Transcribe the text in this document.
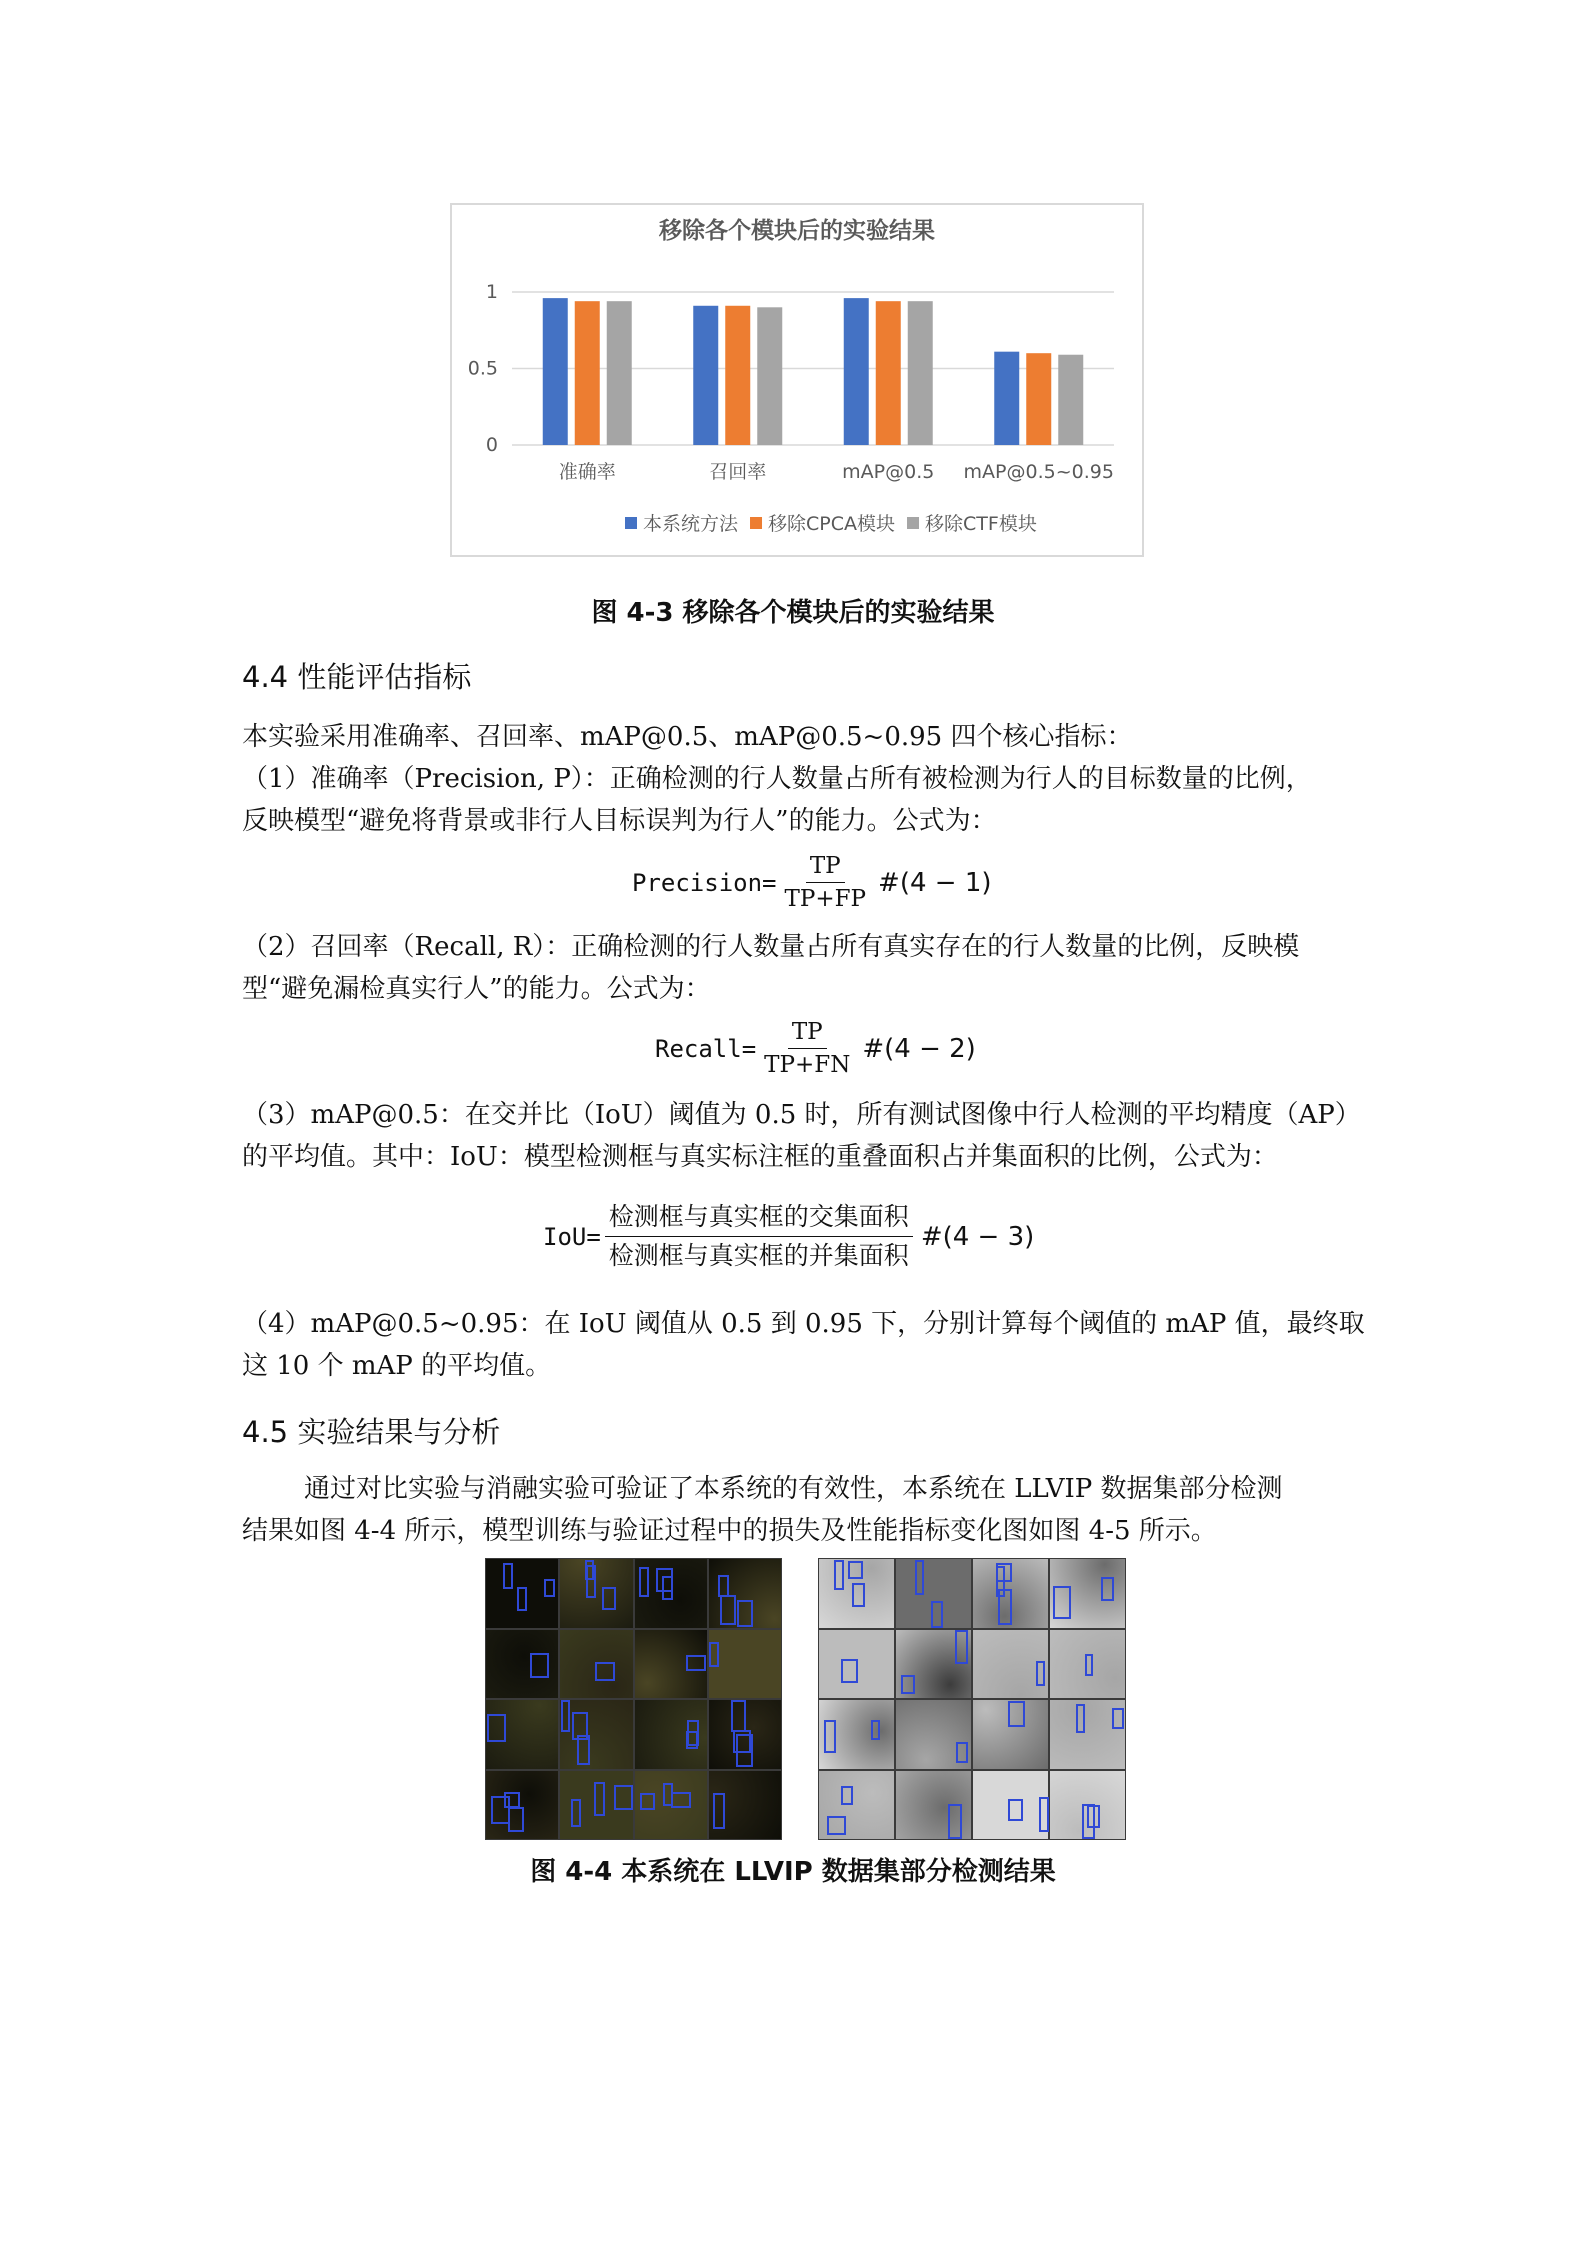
移除各个模块后的实验结果
0
0.5
1
准确率	召回率	mAP@0.5 mAP@0.5~0.95
本系统方法 移除CPCA模块 移除CTF模块
图 4-3 移除各个模块后的实验结果
4.4 性能评估指标

本实验采用准确率、召回率、mAP@0.5、mAP@0.5~0.95 四个核心指标：

（1）准确率（Precision, P）：正确检测的行人数量占所有被检测为行人的目标数量的比例，

反映模型“避免将背景或非行人目标误判为行人”的能力。公式为：

Precision= $\frac{TP}{TP+FP}$ #(4 − 1)

（2）召回率（Recall, R）：正确检测的行人数量占所有真实存在的行人数量的比例，反映模

型“避免漏检真实行人”的能力。公式为：

Recall= $\frac{TP}{TP+FN}$ #(4 − 2)

（3）mAP@0.5：在交并比（IoU）阈值为 0.5 时，所有测试图像中行人检测的平均精度（AP）

的平均值。其中：IoU：模型检测框与真实标注框的重叠面积占并集面积的比例，公式为：

$IoU= \frac{\text{检测框与真实框的交集面积}}{\text{检测框与真实框的并集面积}}$ #(4 − 3)

（4）mAP@0.5~0.95：在 IoU 阈值从 0.5 到 0.95 下，分别计算每个阈值的 mAP 值，最终取

这 10 个 mAP 的平均值。

4.5 实验结果与分析

通过对比实验与消融实验可验证了本系统的有效性，本系统在 LLVIP 数据集部分检测

结果如图 4-4 所示，模型训练与验证过程中的损失及性能指标变化图如图 4-5 所示。

图 4-4 本系统在 LLVIP 数据集部分检测结果
